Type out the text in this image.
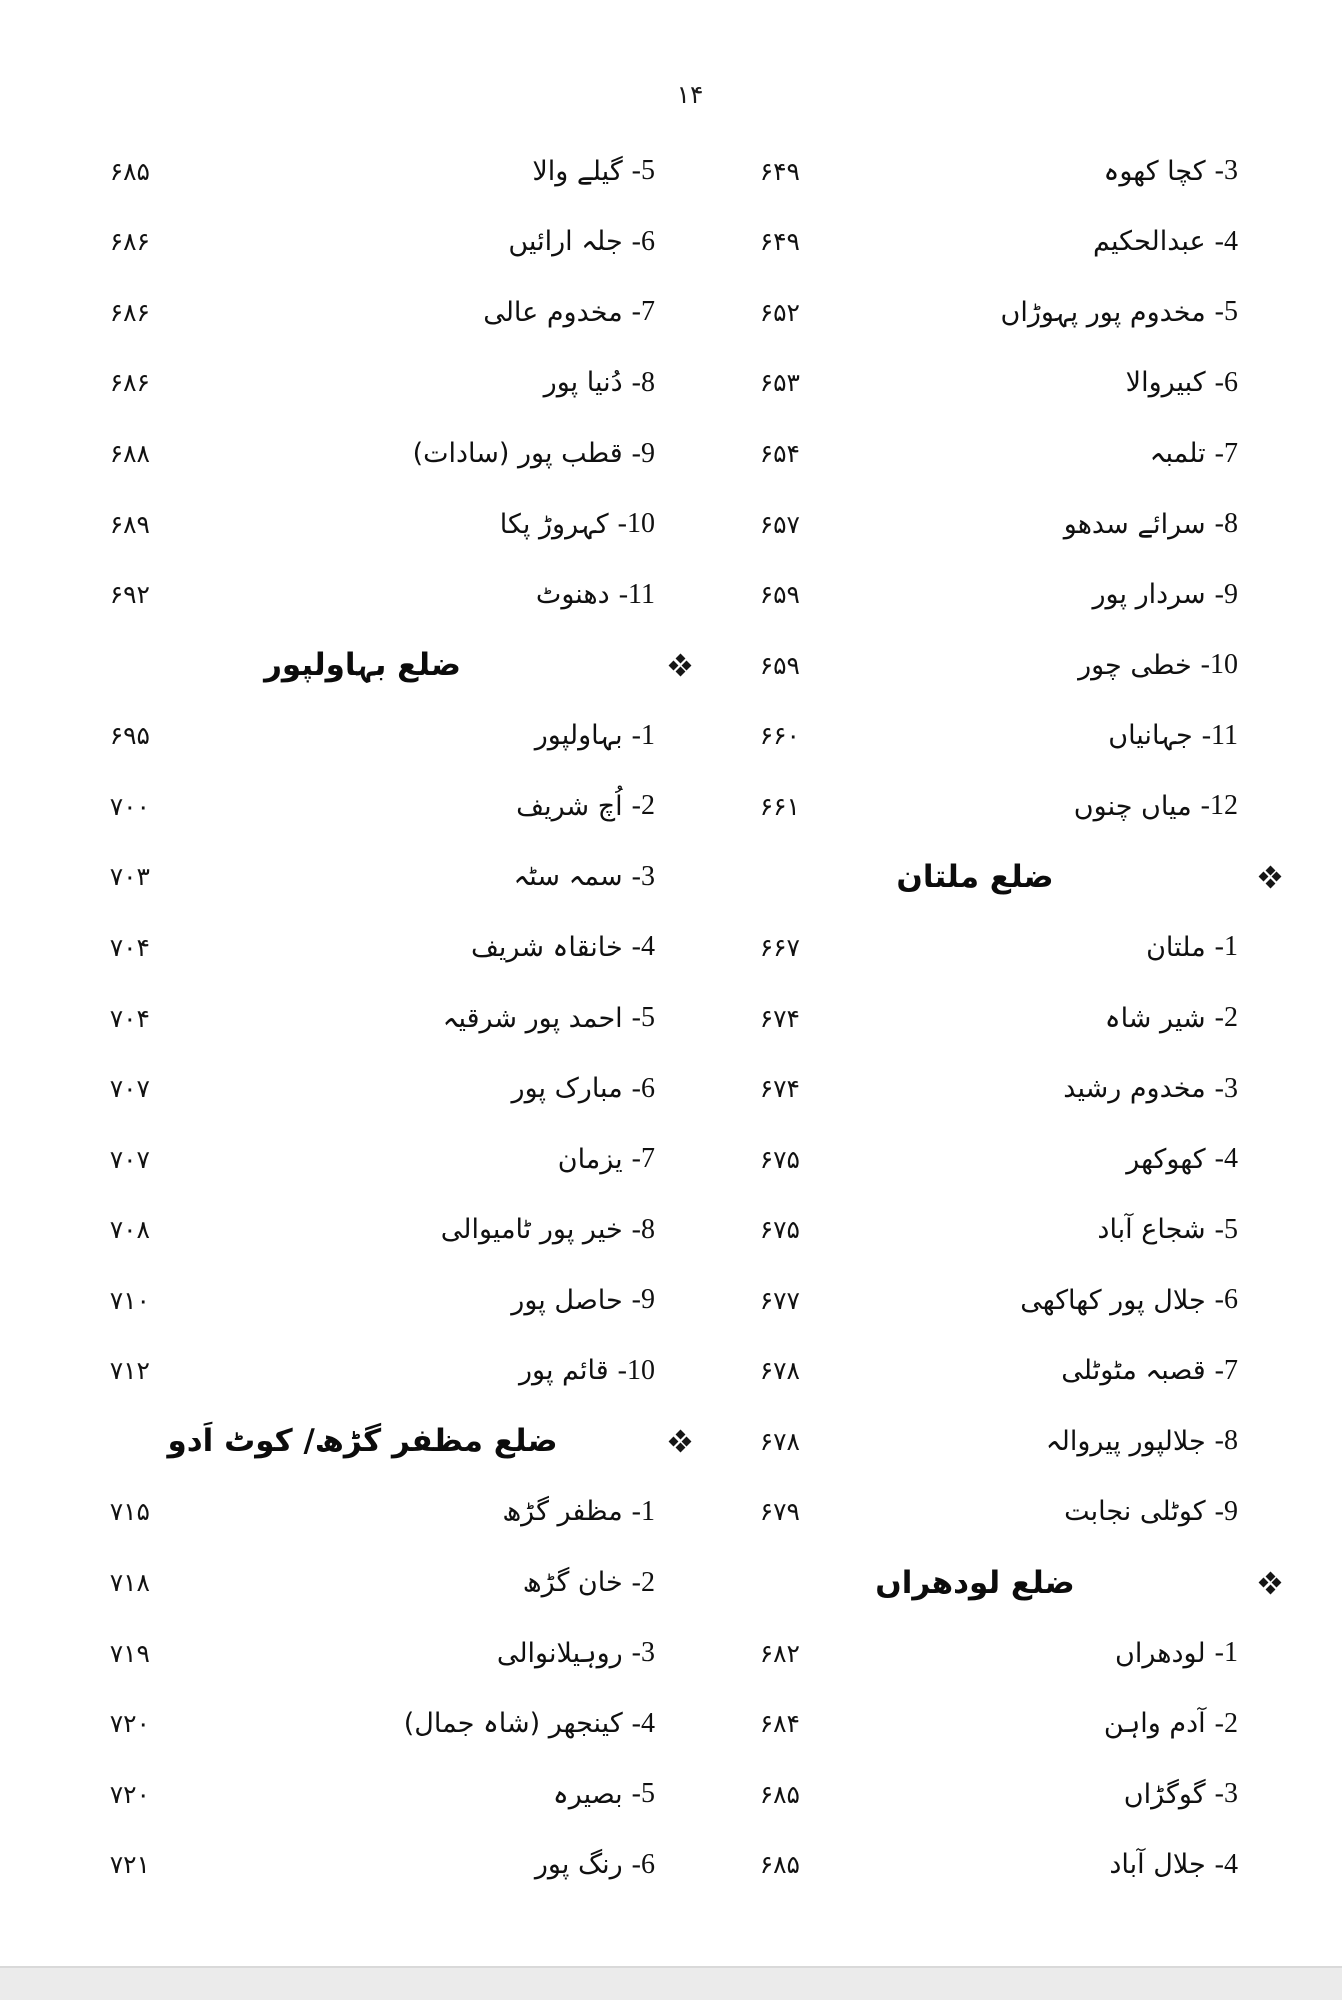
۱۴
۶۴۹	کچا کھوہ -3
۶۴۹	عبدالحکیم -4
۶۵۲	مخدوم پور پہوڑاں -5
۶۵۳	کبیروالا -6
۶۵۴	تلمبہ -7
۶۵۷	سرائے سدھو -8
۶۵۹	سردار پور -9
۶۵۹	خطی چور -10
۶۶۰	جہانیاں -11
۶۶۱	میاں چنوں -12
ضلع ملتان
۶۶۷	ملتان -1
۶۷۴	شیر شاہ -2
۶۷۴	مخدوم رشید -3
۶۷۵	کھوکھر -4
۶۷۵	شجاع آباد -5
۶۷۷	جلال پور کھاکھی -6
۶۷۸	قصبہ مٹوٹلی -7
۶۷۸	جلالپور پیروالہ -8
۶۷۹	کوٹلی نجابت -9
ضلع لودھراں
۶۸۲	لودھراں -1
۶۸۴	آدم واہن -2
۶۸۵	گوگڑاں -3
۶۸۵	جلال آباد -4
۶۸۵	گیلے والا -5
۶۸۶	جلہ ارائیں -6
۶۸۶	مخدوم عالی -7
۶۸۶	دُنیا پور -8
۶۸۸	قطب پور (سادات) -9
۶۸۹	کہروڑ پکا -10
۶۹۲	دھنوٹ -11
ضلع بہاولپور
۶۹۵	بہاولپور -1
۷۰۰	اُچ شریف -2
۷۰۳	سمہ سٹہ -3
۷۰۴	خانقاہ شریف -4
۷۰۴	احمد پور شرقیہ -5
۷۰۷	مبارک پور -6
۷۰۷	یزمان -7
۷۰۸	خیر پور ٹامیوالی -8
۷۱۰	حاصل پور -9
۷۱۲	قائم پور -10
ضلع مظفر گڑھ/ کوٹ اَدو
۷۱۵	مظفر گڑھ -1
۷۱۸	خان گڑھ -2
۷۱۹	روہیلانوالی -3
۷۲۰	کینجھر (شاہ جمال) -4
۷۲۰	بصیرہ -5
۷۲۱	رنگ پور -6
